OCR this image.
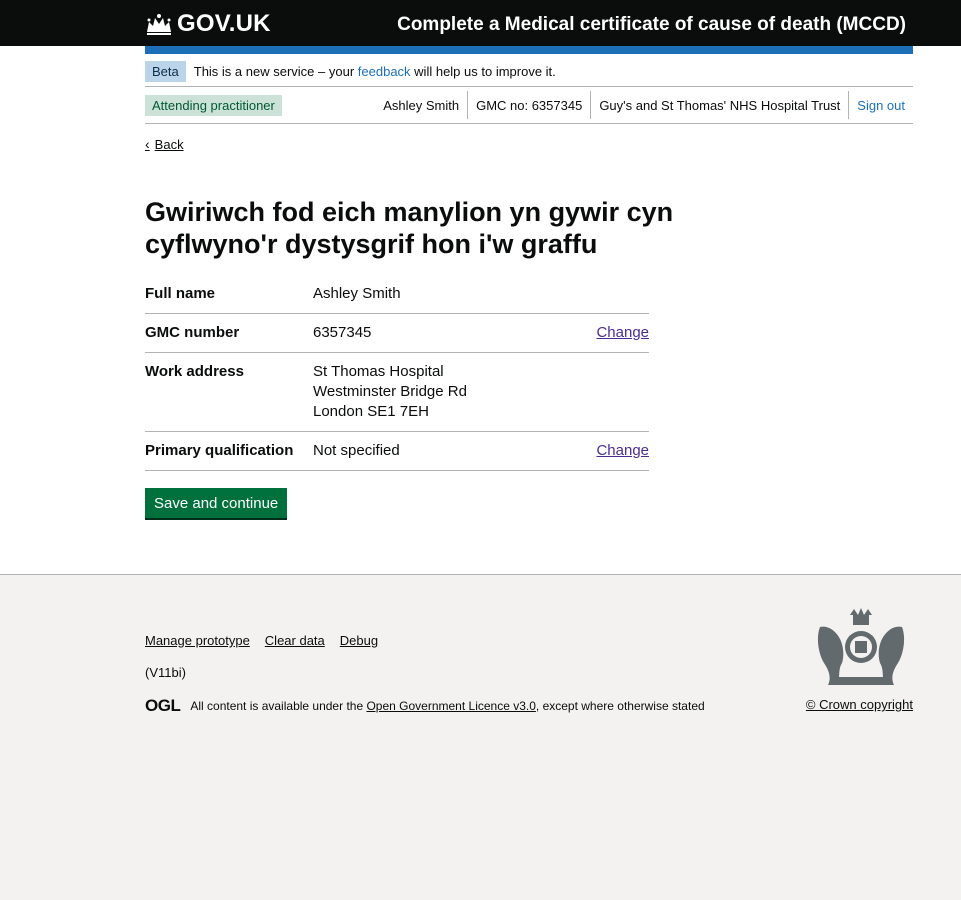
GOV.UK	Complete a Medical certificate of cause of death (MCCD)
Beta	This is a new service – your
feedback
will help us to improve it.
Attending practitioner	Ashley Smith	GMC no: 6357345	Guy's and St Thomas' NHS Hospital Trust	Sign out
‹ Back
Gwiriwch fod eich manylion yn gywir cyn cyflwyno'r dystysgrif hon i'w graffu
Full name	Ashley Smith
GMC number	6357345	Change
Work address	St Thomas Hospital
Westminster Bridge Rd
London SE1 7EH
Primary qualification	Not specified	Change
Save and continue
Manage prototype Clear data Debug
(V11bi)
OGL All content is available under the
Open Government Licence v3.0 , except where otherwise stated	© Crown copyright
